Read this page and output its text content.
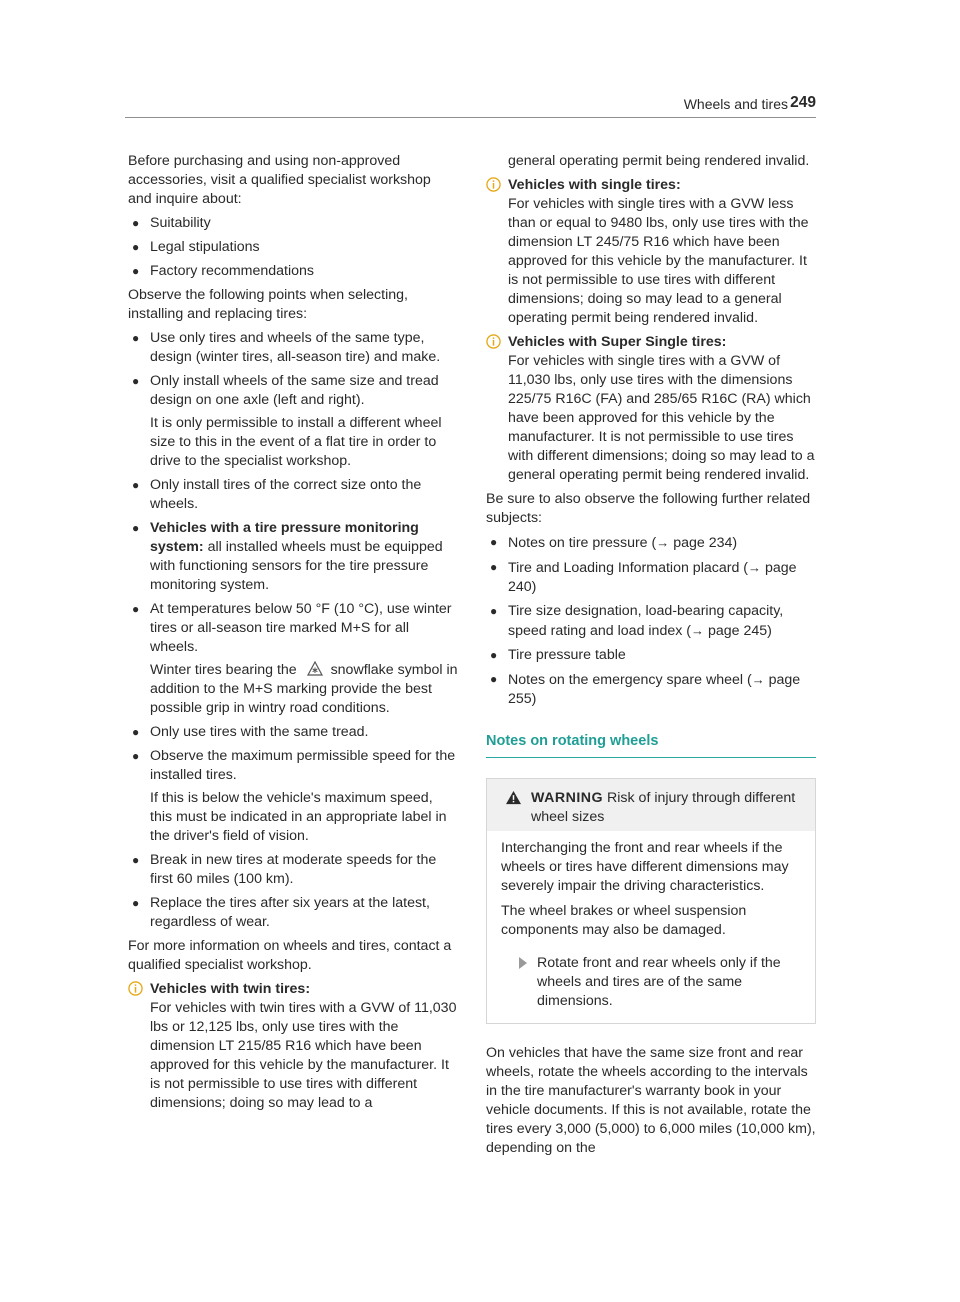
Wheels and tires 249

Before purchasing and using non-approved accessories, visit a qualified specialist workshop and inquire about:

● Suitability
● Legal stipulations
● Factory recommendations

Observe the following points when selecting, installing and replacing tires:

● Use only tires and wheels of the same type, design (winter tires, all-season tire) and make.
● Only install wheels of the same size and tread design on one axle (left and right).

It is only permissible to install a different wheel size to this in the event of a flat tire in order to drive to the specialist workshop.

● Only install tires of the correct size onto the wheels.
● Vehicles with a tire pressure monitoring system: all installed wheels must be equipped with functioning sensors for the tire pressure monitoring system.
● At temperatures below 50 °F (10 °C), use winter tires or all-season tire marked M+S for all wheels.

Winter tires bearing the snowflake symbol in addition to the M+S marking provide the best possible grip in wintry road conditions.

● Only use tires with the same tread.
● Observe the maximum permissible speed for the installed tires.

If this is below the vehicle's maximum speed, this must be indicated in an appropriate label in the driver's field of vision.

● Break in new tires at moderate speeds for the first 60 miles (100 km).
● Replace the tires after six years at the latest, regardless of wear.

For more information on wheels and tires, contact a qualified specialist workshop.

Vehicles with twin tires:
For vehicles with twin tires with a GVW of 11,030 lbs or 12,125 lbs, only use tires with the dimension LT 215/85 R16 which have been approved for this vehicle by the manufacturer. It is not permissible to use tires with different dimensions; doing so may lead to a

general operating permit being rendered invalid.

Vehicles with single tires:
For vehicles with single tires with a GVW less than or equal to 9480 lbs, only use tires with the dimension LT 245/75 R16 which have been approved for this vehicle by the manufacturer. It is not permissible to use tires with different dimensions; doing so may lead to a general operating permit being rendered invalid.
Vehicles with Super Single tires:
For vehicles with single tires with a GVW of 11,030 lbs, only use tires with the dimensions 225/75 R16C (FA) and 285/65 R16C (RA) which have been approved for this vehicle by the manufacturer. It is not permissible to use tires with different dimensions; doing so may lead to a general operating permit being rendered invalid.

Be sure to also observe the following further related subjects:

● Notes on tire pressure (→ page 234)
● Tire and Loading Information placard (→ page 240)
● Tire size designation, load-bearing capacity, speed rating and load index (→ page 245)
● Tire pressure table
● Notes on the emergency spare wheel (→ page 255)
Notes on rotating wheels
WARNING Risk of injury through different wheel sizes

Interchanging the front and rear wheels if the wheels or tires have different dimensions may severely impair the driving characteristics.

The wheel brakes or wheel suspension components may also be damaged.

Rotate front and rear wheels only if the wheels and tires are of the same dimensions.

On vehicles that have the same size front and rear wheels, rotate the wheels according to the intervals in the tire manufacturer's warranty book in your vehicle documents. If this is not available, rotate the tires every 3,000 (5,000) to 6,000 miles (10,000 km), depending on the
